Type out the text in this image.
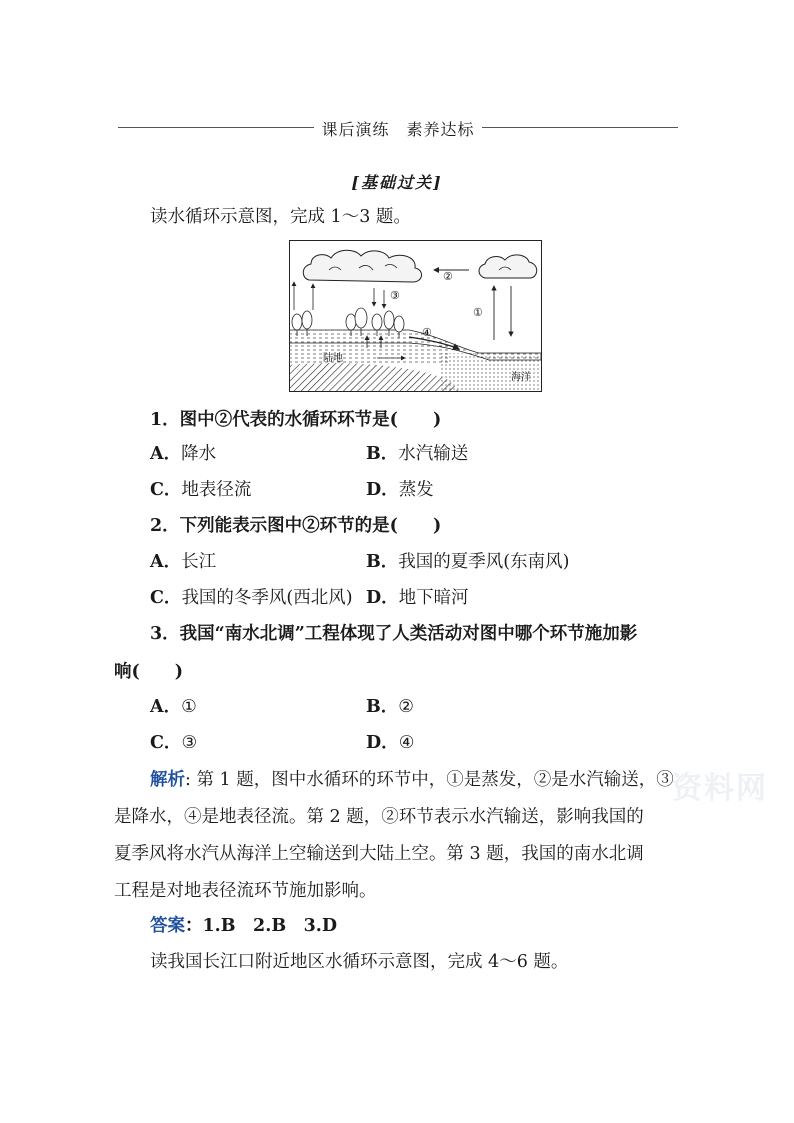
课后演练　素养达标
[基础过关]
读水循环示意图，完成 1～3 题。
①
②
③
④
陆地
海洋
1．图中②代表的水循环环节是(　　)
A．降水	B．水汽输送
C．地表径流	D．蒸发
2．下列能表示图中②环节的是(　　)
A．长江	B．我国的夏季风(东南风)
C．我国的冬季风(西北风) D．地下暗河
3．我国“南水北调”工程体现了人类活动对图中哪个环节施加影
响(　　)
A．①	B．②
C．③	D．④
资料网
解析: 第 1 题，图中水循环的环节中，①是蒸发，②是水汽输送，③
是降水，④是地表径流。第 2 题，②环节表示水汽输送，影响我国的
夏季风将水汽从海洋上空输送到大陆上空。第 3 题，我国的南水北调
工程是对地表径流环节施加影响。
答案：1.B　2.B　3.D
读我国长江口附近地区水循环示意图，完成 4～6 题。
